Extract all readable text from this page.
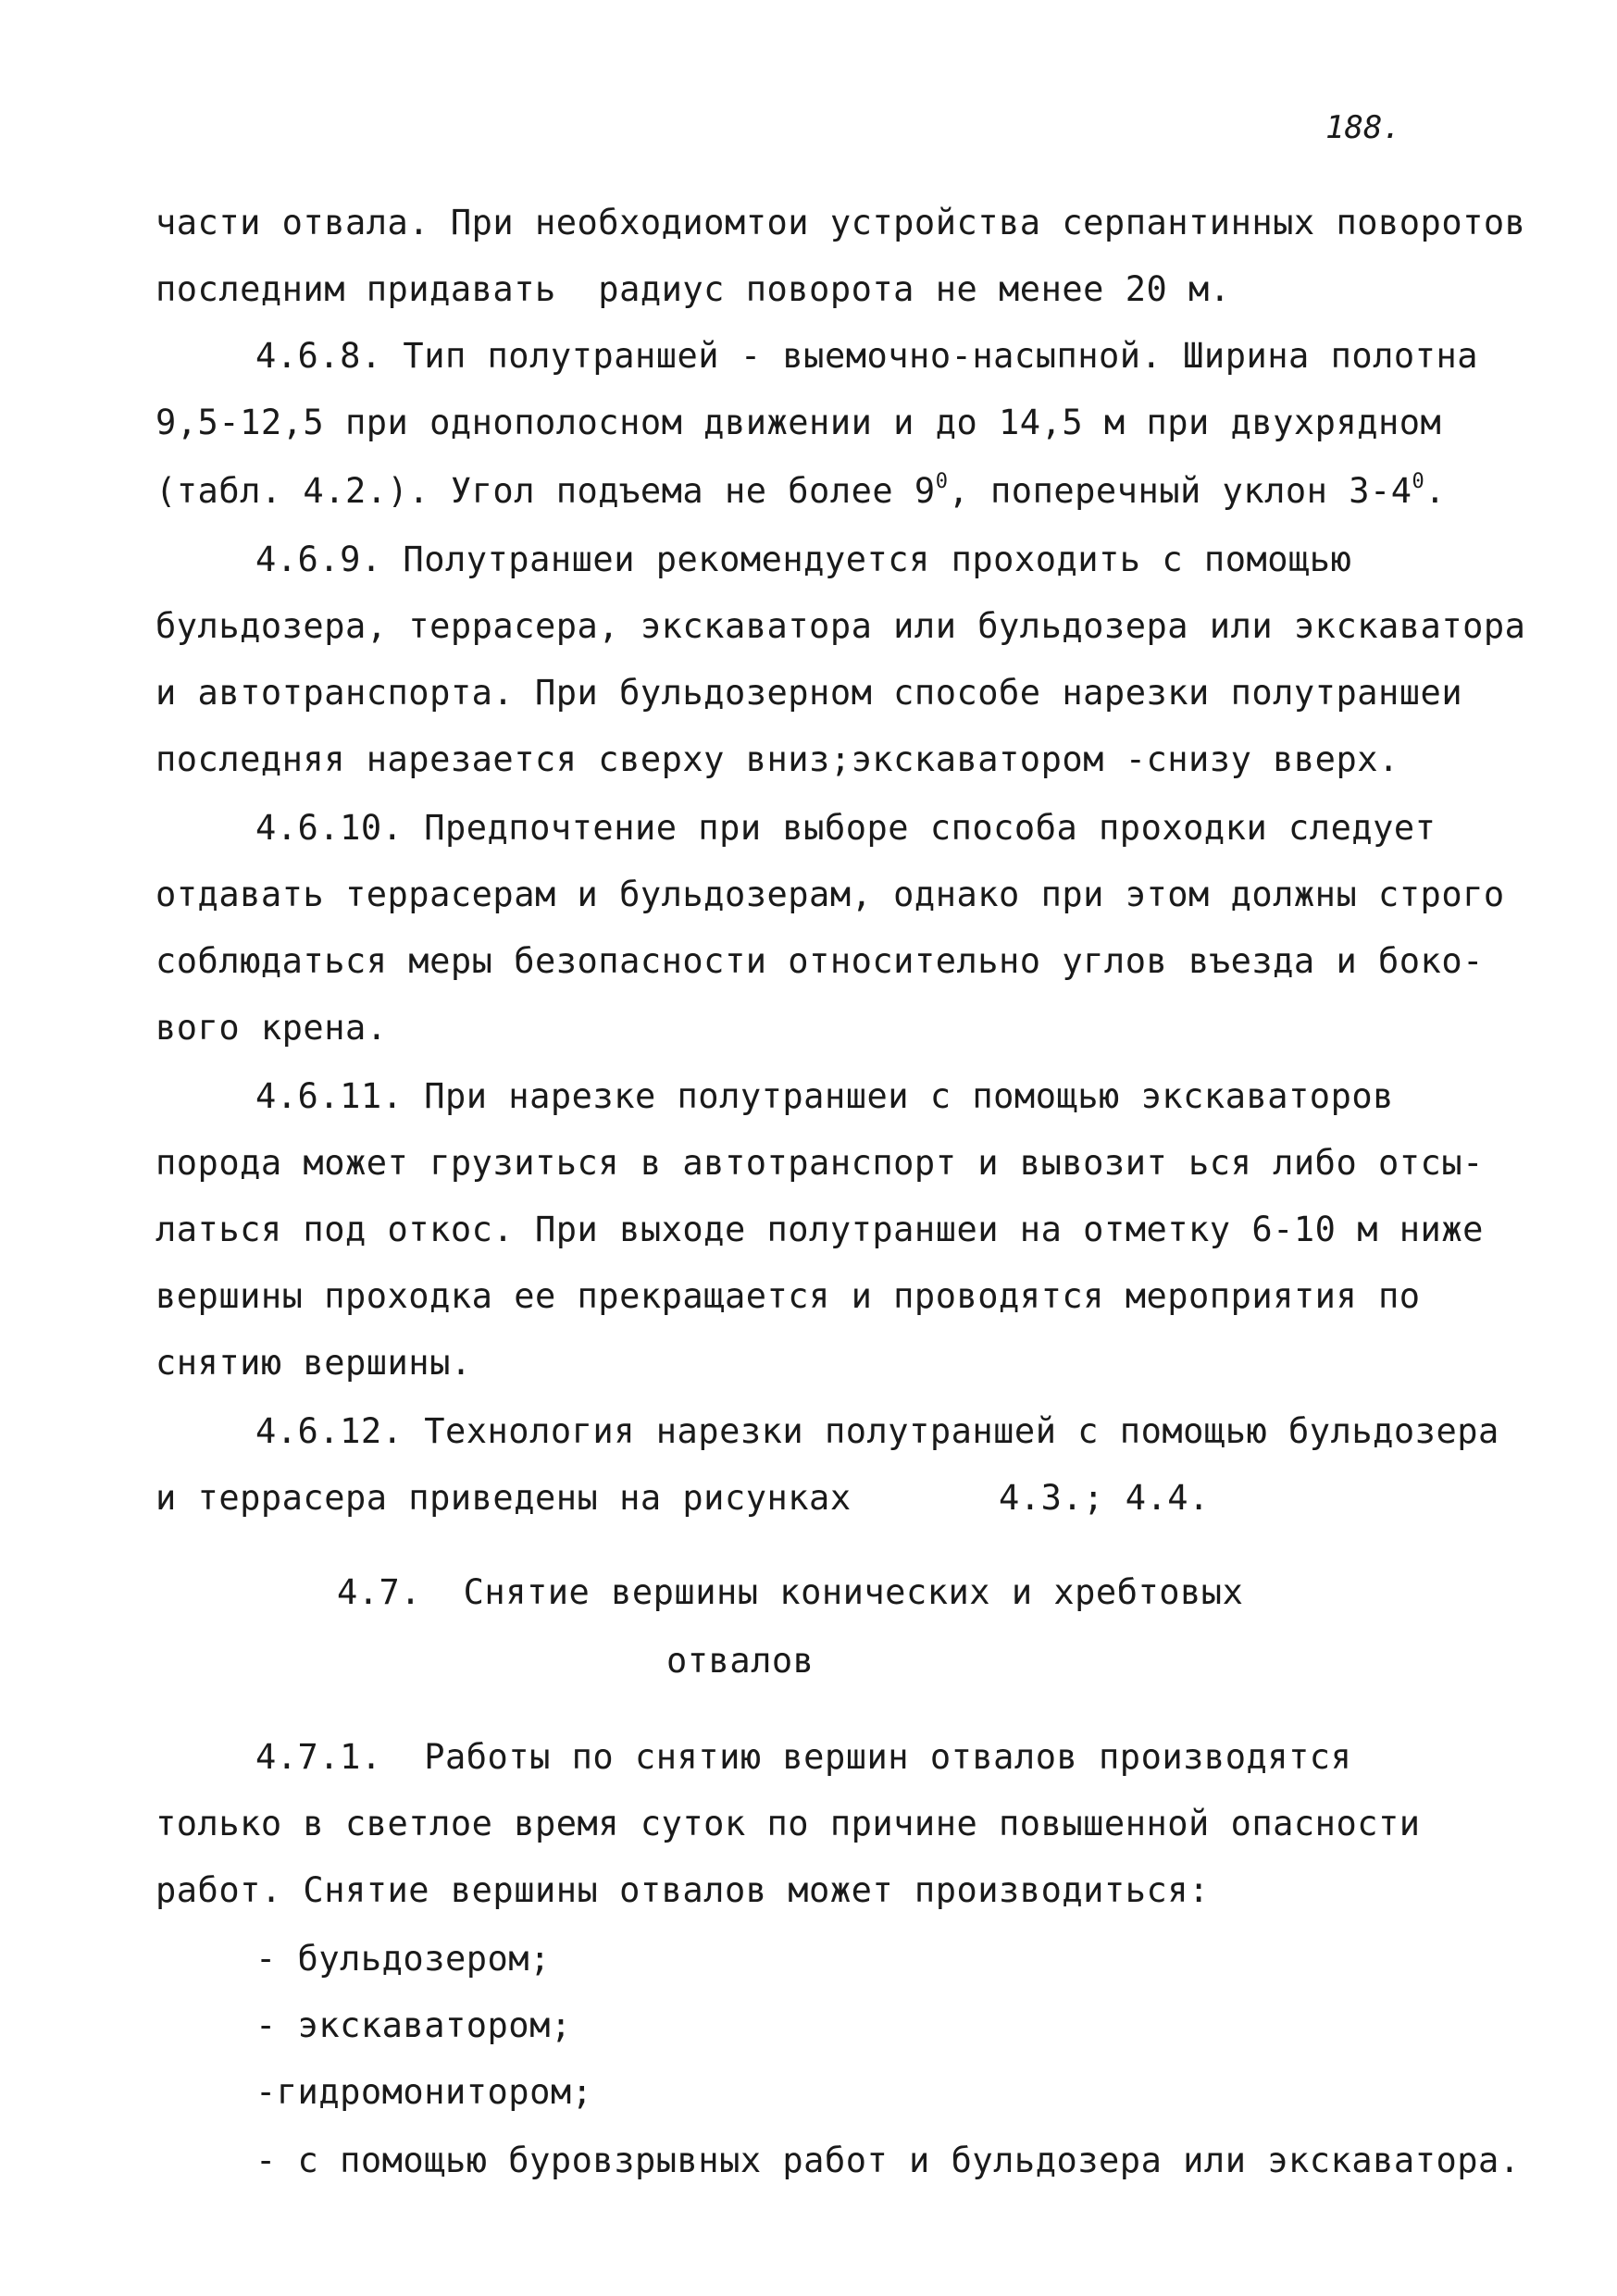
188.
части отвала. При необходиомтои устройства серпантинных поворотов
последним придавать  радиус поворота не менее 20 м.
4.6.8. Тип полутраншей - выемочно-насыпной. Ширина полотна
9,5-12,5 при однополосном движении и до 14,5 м при двухрядном
(табл. 4.2.). Угол подъема не более $9^0$, поперечный уклон $3-4^0$.
4.6.9. Полутраншеи рекомендуется проходить с помощью
бульдозера, террасера, экскаватора или бульдозера или экскаватора
и автотранспорта. При бульдозерном способе нарезки полутраншеи
последняя нарезается сверху вниз;экскаватором -снизу вверх.
4.6.10. Предпочтение при выборе способа проходки следует
отдавать террасерам и бульдозерам, однако при этом должны строго
соблюдаться меры безопасности относительно углов въезда и боко-
вого крена.
4.6.11. При нарезке полутраншеи с помощью экскаваторов
порода может грузиться в автотранспорт и вывозит ься либо отсы-
латься под откос. При выходе полутраншеи на отметку 6-10 м ниже
вершины проходка ее прекращается и проводятся мероприятия по
снятию вершины.
4.6.12. Технология нарезки полутраншей с помощью бульдозера
и террасера приведены на рисунках       4.3.; 4.4.
4.7.  Снятие вершины конических и хребтовых
отвалов
4.7.1.  Работы по снятию вершин отвалов производятся
только в светлое время суток по причине повышенной опасности
работ. Снятие вершины отвалов может производиться:
- бульдозером;
- экскаватором;
-гидромонитором;
- с помощью буровзрывных работ и бульдозера или экскаватора.
